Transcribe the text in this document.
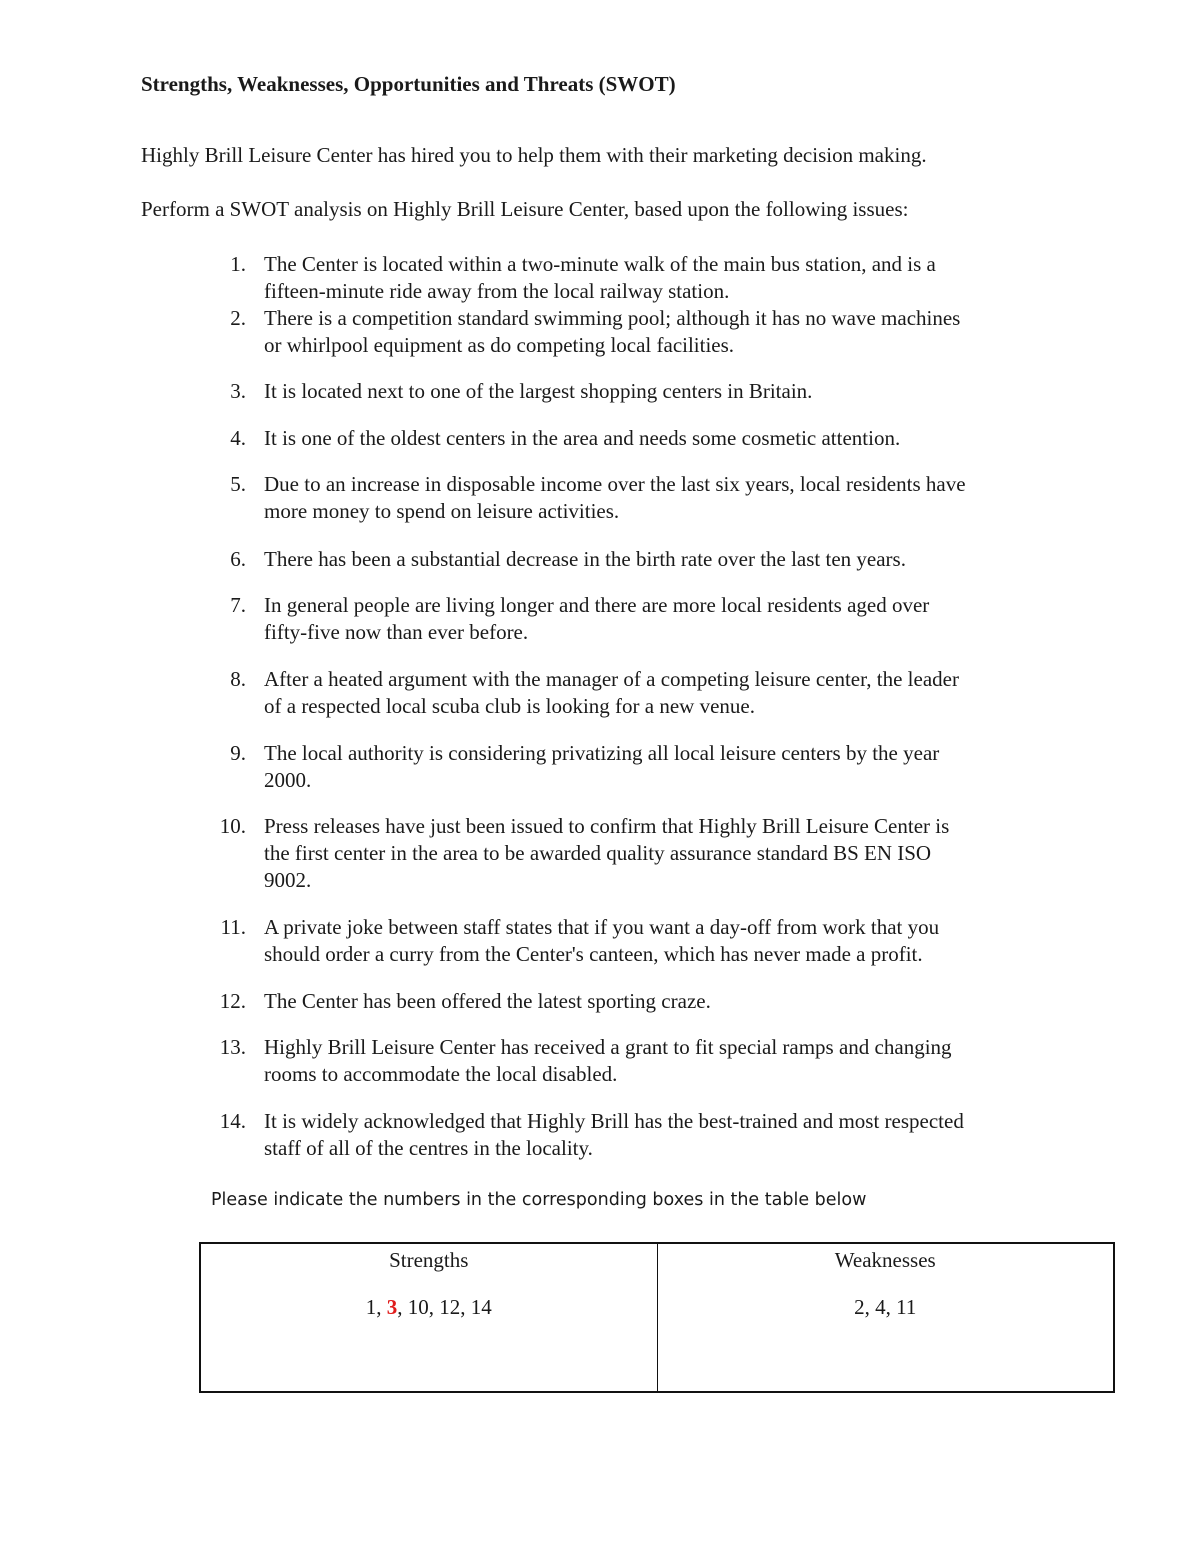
Strengths, Weaknesses, Opportunities and Threats (SWOT)
Highly Brill Leisure Center has hired you to help them with their marketing decision making.
Perform a SWOT analysis on Highly Brill Leisure Center, based upon the following issues:
1. The Center is located within a two-minute walk of the main bus station, and is a
fifteen-minute ride away from the local railway station.
2. There is a competition standard swimming pool; although it has no wave machines
or whirlpool equipment as do competing local facilities.
3. It is located next to one of the largest shopping centers in Britain.
4. It is one of the oldest centers in the area and needs some cosmetic attention.
5. Due to an increase in disposable income over the last six years, local residents have
more money to spend on leisure activities.
6. There has been a substantial decrease in the birth rate over the last ten years.
7. In general people are living longer and there are more local residents aged over
fifty-five now than ever before.
8. After a heated argument with the manager of a competing leisure center, the leader
of a respected local scuba club is looking for a new venue.
9. The local authority is considering privatizing all local leisure centers by the year
2000.
10. Press releases have just been issued to confirm that Highly Brill Leisure Center is
the first center in the area to be awarded quality assurance standard BS EN ISO
9002.
11. A private joke between staff states that if you want a day-off from work that you
should order a curry from the Center's canteen, which has never made a profit.
12. The Center has been offered the latest sporting craze.
13. Highly Brill Leisure Center has received a grant to fit special ramps and changing
rooms to accommodate the local disabled.
14. It is widely acknowledged that Highly Brill has the best-trained and most respected
staff of all of the centres in the locality.
Please indicate the numbers in the corresponding boxes in the table below
Strengths
1, 3, 10, 12, 14
Weaknesses
2, 4, 11
